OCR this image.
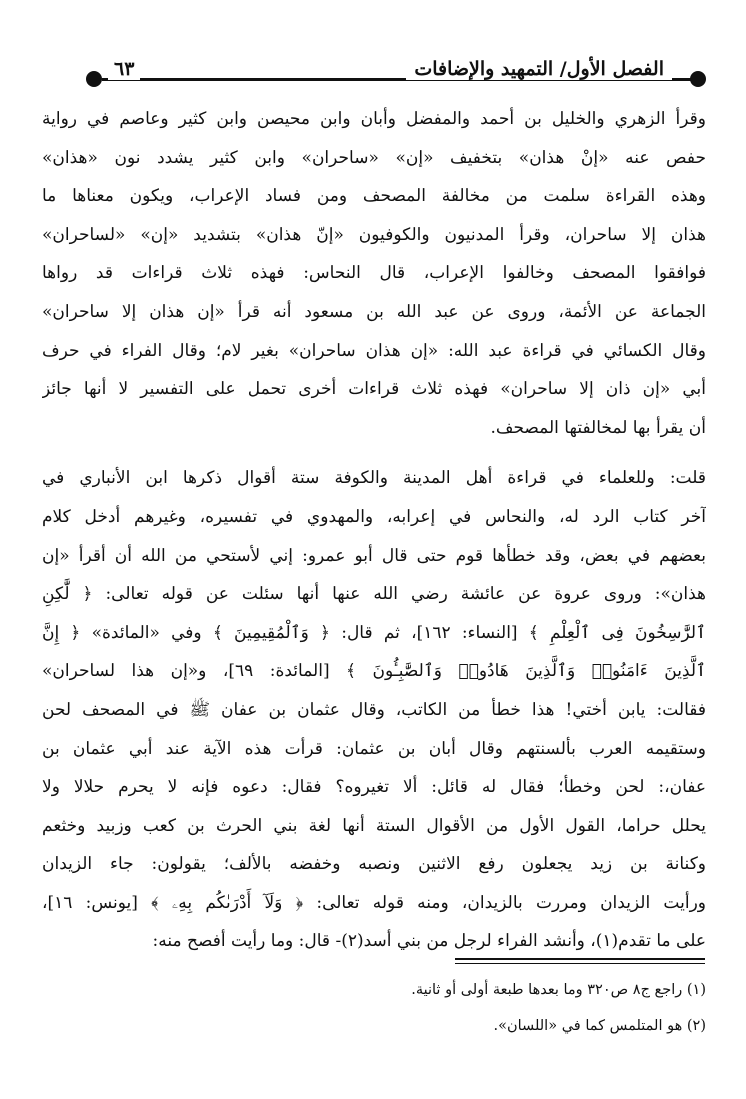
الفصل الأول/ التمهيد والإضافات
٦٣
وقرأ الزهري والخليل بن أحمد والمفضل وأبان وابن محيصن وابن كثير وعاصم في رواية
حفص عنه «إنْ هذان» بتخفيف «إن» «ساحران» وابن كثير يشدد نون «هذان»
وهذه القراءة سلمت من مخالفة المصحف ومن فساد الإعراب، ويكون معناها ما
هذان إلا ساحران، وقرأ المدنيون والكوفيون «إنّ هذان» بتشديد «إن» «لساحران»
فوافقوا المصحف وخالفوا الإعراب، قال النحاس: فهذه ثلاث قراءات قد رواها
الجماعة عن الأئمة، وروى عن عبد الله بن مسعود أنه قرأ «إن هذان إلا ساحران»
وقال الكسائي في قراءة عبد الله: «إن هذان ساحران» بغير لام؛ وقال الفراء في حرف
أبي «إن ذان إلا ساحران» فهذه ثلاث قراءات أخرى تحمل على التفسير لا أنها جائز
أن يقرأ بها لمخالفتها المصحف.
قلت: وللعلماء في قراءة أهل المدينة والكوفة ستة أقوال ذكرها ابن الأنباري في
آخر كتاب الرد له، والنحاس في إعرابه، والمهدوي في تفسيره، وغيرهم أدخل كلام
بعضهم في بعض، وقد خطأها قوم حتى قال أبو عمرو: إني لأستحي من الله أن أقرأ «إن
هذان»: وروى عروة عن عائشة رضي الله عنها أنها سئلت عن قوله تعالى: ﴿ لَّٰكِنِ
ٱلرَّٰسِخُونَ فِى ٱلْعِلْمِ ﴾ [النساء: ١٦٢]، ثم قال: ﴿ وَٱلْمُقِيمِينَ ﴾ وفي «المائدة» ﴿ إِنَّ
ٱلَّذِينَ ءَامَنُوا۟ وَٱلَّذِينَ هَادُوا۟ وَٱلصَّٰبِـُٔونَ ﴾ [المائدة: ٦٩]، و«إن هذا لساحران»
فقالت: يابن أختي! هذا خطأ من الكاتب، وقال عثمان بن عفان ﷺ في المصحف لحن
وستقيمه العرب بألسنتهم وقال أبان بن عثمان: قرأت هذه الآية عند أبي عثمان بن
عفان،: لحن وخطأ؛ فقال له قائل: ألا تغيروه؟ فقال: دعوه فإنه لا يحرم حلالا ولا
يحلل حراما، القول الأول من الأقوال الستة أنها لغة بني الحرث بن كعب وزبيد وخثعم
وكنانة بن زيد يجعلون رفع الاثنين ونصبه وخفضه بالألف؛ يقولون: جاء الزيدان
ورأيت الزيدان ومررت بالزيدان، ومنه قوله تعالى: ﴿ وَلَآ أَدْرَىٰكُم بِهِۦ ﴾ [يونس: ١٦]،
على ما تقدم(١)، وأنشد الفراء لرجل من بني أسد(٢)- قال: وما رأيت أفصح منه:
(١) راجع ج٨ ص٣٢٠ وما بعدها طبعة أولى أو ثانية.
(٢) هو المتلمس كما في «اللسان».
